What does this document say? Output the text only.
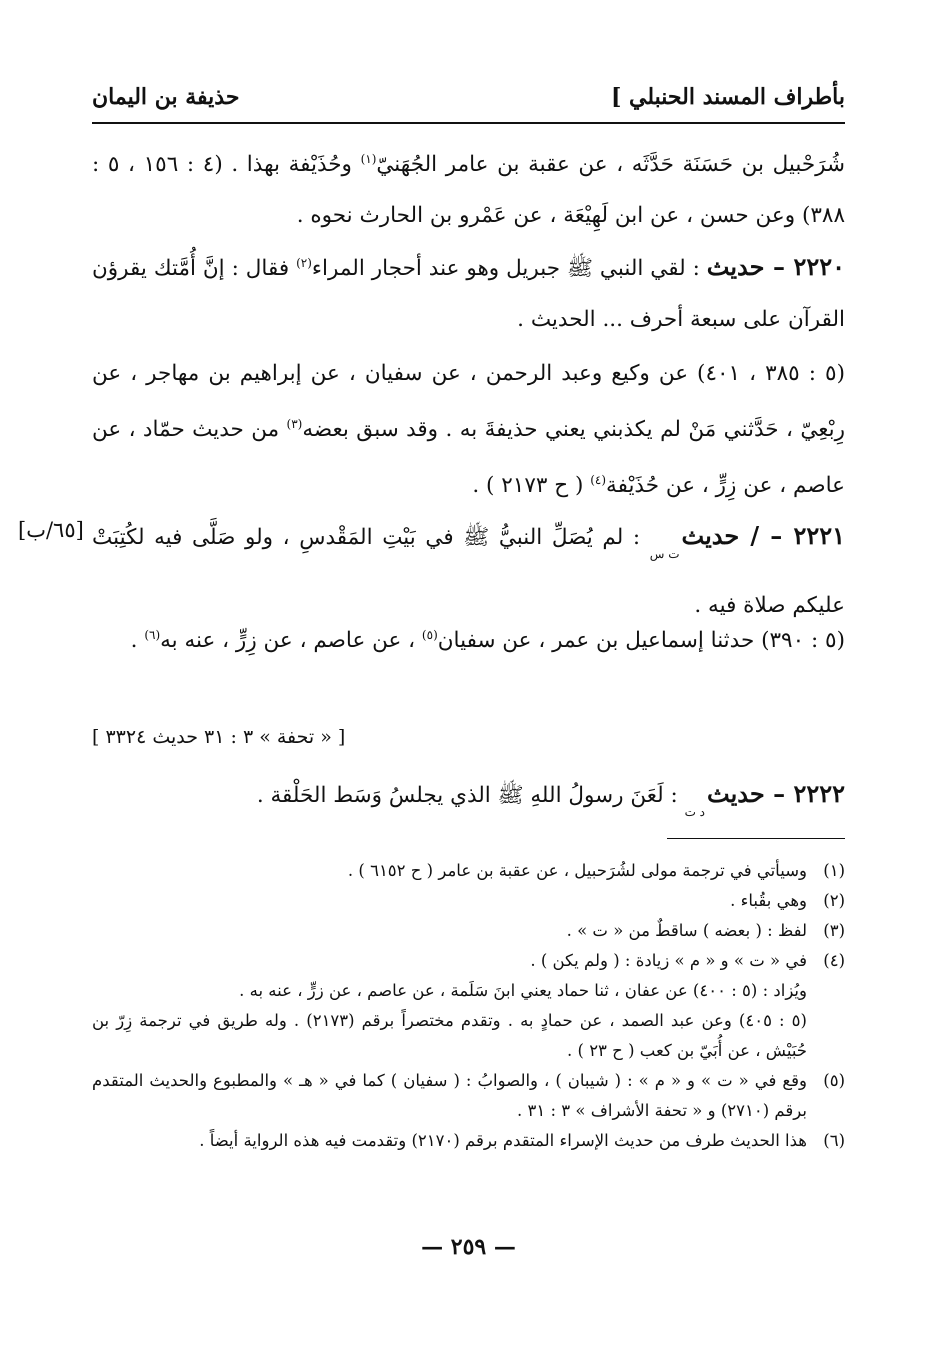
بأطراف المسند الحنبلي ]
حذيفة بن اليمان
شُرَحْبيل بن حَسَنَة حَدَّثَه ، عن عقبة بن عامر الجُهَنيّ$^{(١)}$ وحُذَيْفة بهذا . (٤ : ١٥٦ ، ٥ : ٣٨٨) وعن حسن ، عن ابن لَهِيْعَة ، عن عَمْرو بن الحارث نحوه .
٢٢٢٠ – حديث : لقي النبي ﷺ جبريل وهو عند أحجار المراء$^{(٢)}$ فقال : إنَّ أُمَّتك يقرؤن القرآن على سبعة أحرف ... الحديث .
(٥ : ٣٨٥ ، ٤٠١) عن وكيع وعبد الرحمن ، عن سفيان ، عن إبراهيم بن مهاجر ، عن رِبْعِيّ ، حَدَّثني مَنْ لم يكذبني يعني حذيفةَ به . وقد سبق بعضه$^{(٣)}$ من حديث حمّاد ، عن عاصم ، عن زِرٍّ ، عن حُذَيْفة$^{(٤)}$ ( ح ٢١٧٣ ) .
[٦٥/ب]	٢٢٢١ – / حديثت س : لم يُصَلِّ النبيُّ ﷺ في بَيْتِ المَقْدسِ ، ولو صَلَّى فيه لكُتِبَتْ عليكم صلاة فيه .
(٥ : ٣٩٠) حدثنا إسماعيل بن عمر ، عن سفيان$^{(٥)}$ ، عن عاصم ، عن زِرٍّ ، عنه به$^{(٦)}$ .
[ « تحفة » ٣ : ٣١ حديث ٣٣٢٤ ]
٢٢٢٢ – حديثد ت : لَعَنَ رسولُ اللهِ ﷺ الذي يجلسُ وَسَط الحَلْقة .
(١)
وسيأتي في ترجمة مولى لشُرَحبيل ، عن عقبة بن عامر ( ح ٦١٥٢ ) .
(٢)
وهي بقُباء .
(٣)
لفظ : ( بعضه ) ساقطٌ من « ت » .
(٤)
في « ت » و « م » زيادة : ( ولم يكن ) .
ويُزاد : (٥ : ٤٠٠) عن عفان ، ثنا حماد يعني ابنَ سَلَمة ، عن عاصم ، عن زرٍّ ، عنه به .
(٥ : ٤٠٥) وعن عبد الصمد ، عن حمادٍ به . وتقدم مختصراً برقم (٢١٧٣) . وله طريق في ترجمة زِرّ بن حُبَيْش ، عن أُبَيّ بن كعب ( ح ٢٣ ) .
(٥)
وقع في « ت » و « م » : ( شيبان ) ، والصوابُ : ( سفيان ) كما في « هـ » والمطبوع والحديث المتقدم برقم (٢٧١٠) و « تحفة الأشراف » ٣ : ٣١ .
(٦)
هذا الحديث طرف من حديث الإسراء المتقدم برقم (٢١٧٠) وتقدمت فيه هذه الرواية أيضاً .
— ٢٥٩ —
